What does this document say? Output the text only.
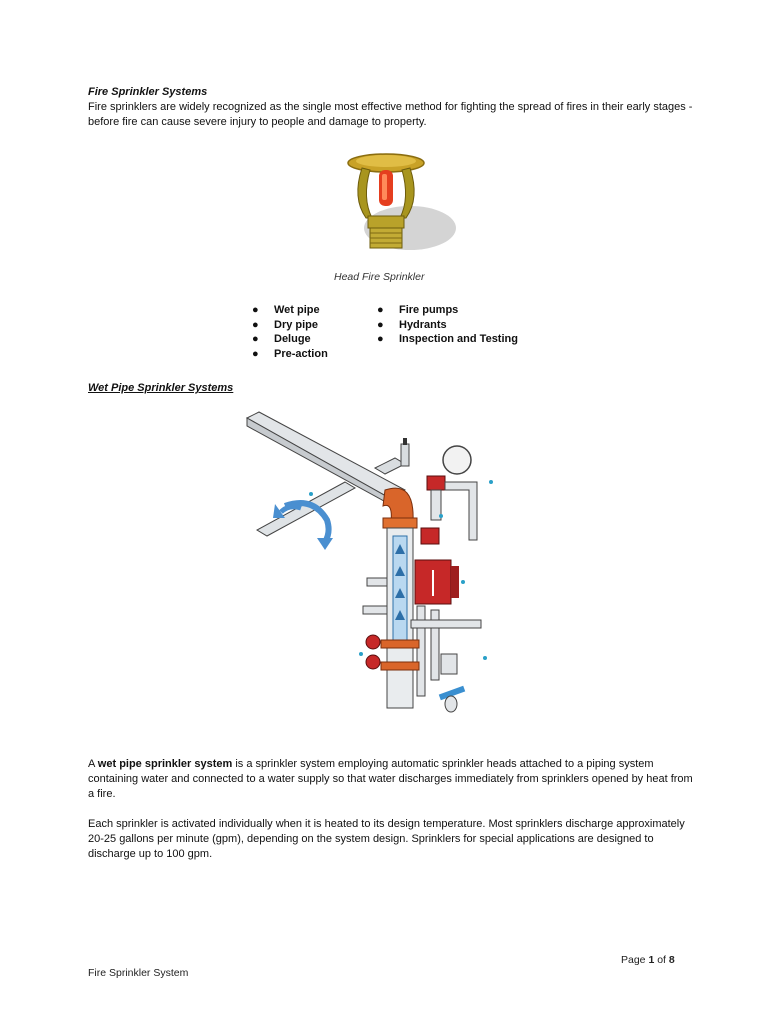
Fire Sprinkler Systems
Fire sprinklers are widely recognized as the single most effective method for fighting the spread of fires in their early stages -
before fire can cause severe injury to people and damage to property.
Head Fire Sprinkler
● Wet pipe
● Dry pipe
● Deluge
● Pre-action
● Fire pumps
● Hydrants
● Inspection and Testing
Wet Pipe Sprinkler Systems
A wet pipe sprinkler system is a sprinkler system employing automatic sprinkler heads attached to a piping system
containing water and connected to a water supply so that water discharges immediately from sprinklers opened by heat from
a fire.
Each sprinkler is activated individually when it is heated to its design temperature. Most sprinklers discharge approximately
20-25 gallons per minute (gpm), depending on the system design. Sprinklers for special applications are designed to
discharge up to 100 gpm.
Page 1 of 8
Fire Sprinkler System
